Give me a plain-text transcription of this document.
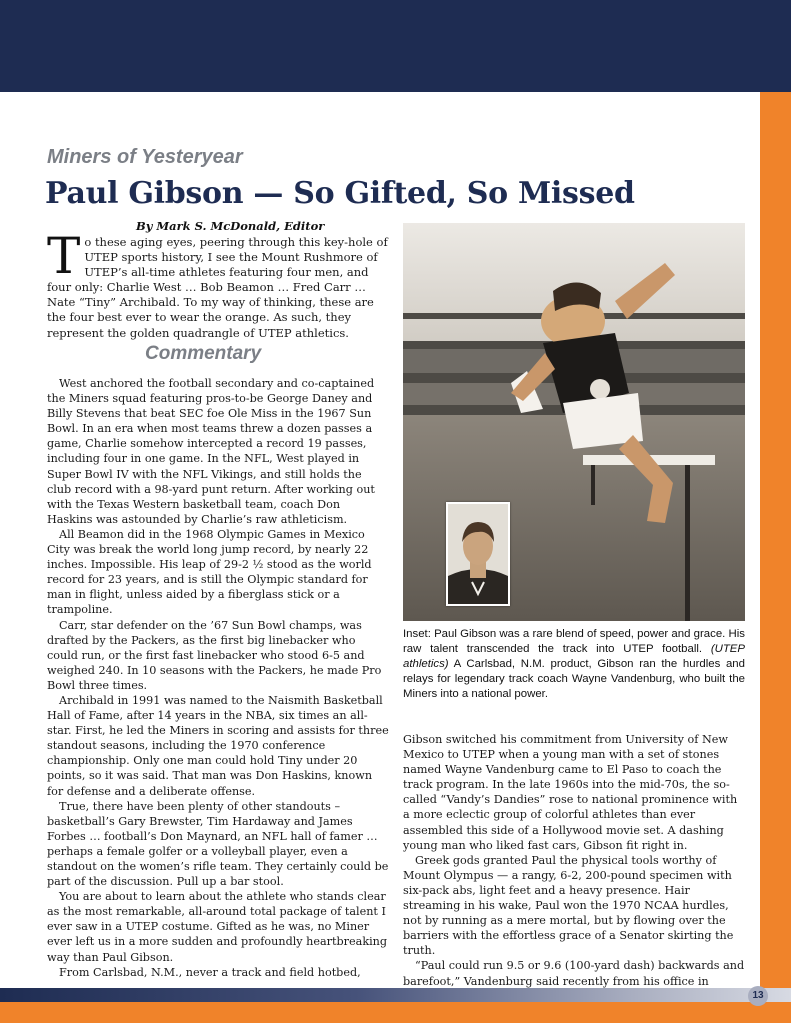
13
Miners of Yesteryear
Paul Gibson — So Gifted, So Missed
By Mark S. McDonald, Editor
To these aging eyes, peering through this key-hole of UTEP sports history, I see the Mount Rushmore of UTEP’s all-time athletes featuring four men, and four only: Charlie West … Bob Beamon … Fred Carr … Nate “Tiny” Archibald. To my way of thinking, these are the four best ever to wear the orange. As such, they represent the golden quadrangle of UTEP athletics.
Commentary

West anchored the football secondary and co-captained the Miners squad featuring pros-to-be George Daney and Billy Stevens that beat SEC foe Ole Miss in the 1967 Sun Bowl. In an era when most teams threw a dozen passes a game, Charlie somehow intercepted a record 19 passes, including four in one game. In the NFL, West played in Super Bowl IV with the NFL Vikings, and still holds the club record with a 98-yard punt return. After working out with the Texas Western basketball team, coach Don Haskins was astounded by Charlie’s raw athleticism.

All Beamon did in the 1968 Olympic Games in Mexico City was break the world long jump record, by nearly 22 inches. Impossible. His leap of 29-2 ½ stood as the world record for 23 years, and is still the Olympic standard for man in flight, unless aided by a fiberglass stick or a trampoline.

Carr, star defender on the ’67 Sun Bowl champs, was drafted by the Packers, as the first big linebacker who could run, or the first fast linebacker who stood 6-5 and weighed 240. In 10 seasons with the Packers, he made Pro Bowl three times.

Archibald in 1991 was named to the Naismith Basketball Hall of Fame, after 14 years in the NBA, six times an all-star. First, he led the Miners in scoring and assists for three standout seasons, including the 1970 conference championship. Only one man could hold Tiny under 20 points, so it was said. That man was Don Haskins, known for defense and a deliberate offense.

True, there have been plenty of other standouts – basketball’s Gary Brewster, Tim Hardaway and James Forbes … football’s Don Maynard, an NFL hall of famer … perhaps a female golfer or a volleyball player, even a standout on the women’s rifle team. They certainly could be part of the discussion. Pull up a bar stool.

You are about to learn about the athlete who stands clear as the most remarkable, all-around total package of talent I ever saw in a UTEP costume. Gifted as he was, no Miner ever left us in a more sudden and profoundly heartbreaking way than Paul Gibson.

From Carlsbad, N.M., never a track and field hotbed,

Inset: Paul Gibson was a rare blend of speed, power and grace. His raw talent transcended the track into UTEP football. (UTEP athletics) A Carlsbad, N.M. product, Gibson ran the hurdles and relays for legendary track coach Wayne Vandenburg, who built the Miners into a national power.

Gibson switched his commitment from University of New Mexico to UTEP when a young man with a set of stones named Wayne Vandenburg came to El Paso to coach the track program. In the late 1960s into the mid-70s, the so-called “Vandy’s Dandies” rose to national prominence with a more eclectic group of colorful athletes than ever assembled this side of a Hollywood movie set. A dashing young man who liked fast cars, Gibson fit right in.

Greek gods granted Paul the physical tools worthy of Mount Olympus — a rangy, 6-2, 200-pound specimen with six-pack abs, light feet and a heavy presence. Hair streaming in his wake, Paul won the 1970 NCAA hurdles, not by running as a mere mortal, but by flowing over the barriers with the effortless grace of a Senator skirting the truth.

“Paul could run 9.5 or 9.6 (100-yard dash) backwards and barefoot,” Vandenburg said recently from his office in
